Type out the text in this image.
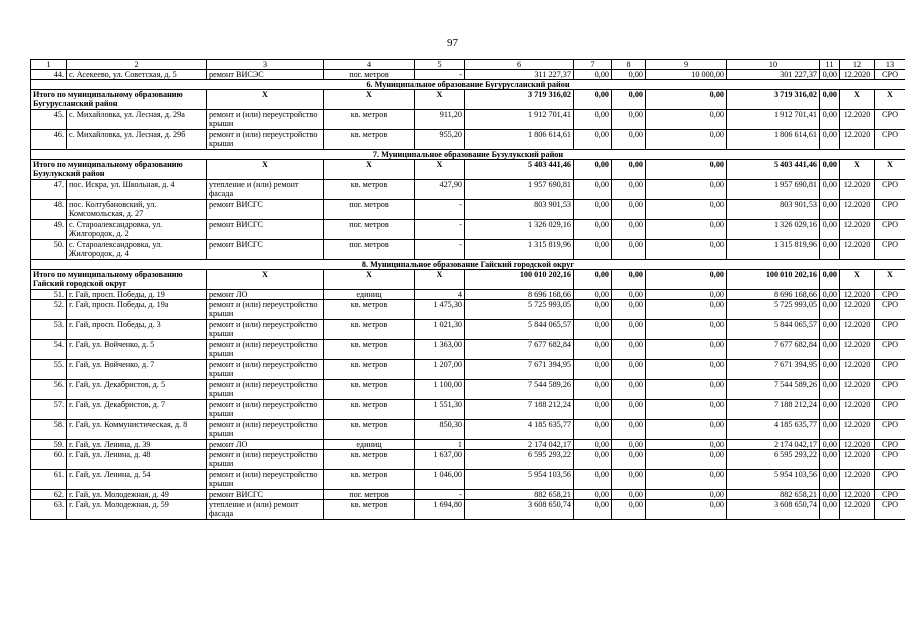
97
1	2	3	4	5	6	7	8	9	10	11	12	13
44.	с. Асекеево, ул. Советская, д. 5	ремонт ВИСЭС	пог. метров	-	311 227,37	0,00	0,00	10 000,00	301 227,37	0,00	12.2020	СРО
6. Муниципальное образование Бугурусланский район												
Итого по муниципальному образованию Бугурусланский район		X	X	X	3 719 316,02	0,00	0,00	0,00	3 719 316,02	0,00	X	X
45.	с. Михайловка, ул. Лесная, д. 29а	ремонт и (или) переустройство крыши	кв. метров	911,20	1 912 701,41	0,00	0,00	0,00	1 912 701,41	0,00	12.2020	СРО
46.	с. Михайловка, ул. Лесная, д. 29б	ремонт и (или) переустройство крыши	кв. метров	955,20	1 806 614,61	0,00	0,00	0,00	1 806 614,61	0,00	12.2020	СРО
7. Муниципальное образование Бузулукский район												
Итого по муниципальному образованию Бузулукский район		X	X	X	5 403 441,46	0,00	0,00	0,00	5 403 441,46	0,00	X	X
47.	пос. Искра, ул. Школьная, д. 4	утепление и (или) ремонт фасада	кв. метров	427,90	1 957 690,81	0,00	0,00	0,00	1 957 690,81	0,00	12.2020	СРО
48.	пос. Колтубановский, ул. Комсомольская, д. 27	ремонт ВИСГС	пог. метров	-	803 901,53	0,00	0,00	0,00	803 901,53	0,00	12.2020	СРО
49.	с. Староалександровка, ул. Жилгородок, д. 2	ремонт ВИСГС	пог. метров	-	1 326 029,16	0,00	0,00	0,00	1 326 029,16	0,00	12.2020	СРО
50.	с. Староалександровка, ул. Жилгородок, д. 4	ремонт ВИСГС	пог. метров	-	1 315 819,96	0,00	0,00	0,00	1 315 819,96	0,00	12.2020	СРО
8. Муниципальное образование Гайский городской округ												
Итого по муниципальному образованию Гайский городской округ		X	X	X	100 010 202,16	0,00	0,00	0,00	100 010 202,16	0,00	X	X
51.	г. Гай, просп. Победы, д. 19	ремонт ЛО	единиц	4	8 696 168,66	0,00	0,00	0,00	8 696 168,66	0,00	12.2020	СРО
52.	г. Гай, просп. Победы, д. 19а	ремонт и (или) переустройство крыши	кв. метров	1 475,30	5 725 993,05	0,00	0,00	0,00	5 725 993,05	0,00	12.2020	СРО
53.	г. Гай, просп. Победы, д. 3	ремонт и (или) переустройство крыши	кв. метров	1 021,30	5 844 065,57	0,00	0,00	0,00	5 844 065,57	0,00	12.2020	СРО
54.	г. Гай, ул. Войченко, д. 5	ремонт и (или) переустройство крыши	кв. метров	1 363,00	7 677 682,84	0,00	0,00	0,00	7 677 682,84	0,00	12.2020	СРО
55.	г. Гай, ул. Войченко, д. 7	ремонт и (или) переустройство крыши	кв. метров	1 207,00	7 671 394,95	0,00	0,00	0,00	7 671 394,95	0,00	12.2020	СРО
56.	г. Гай, ул. Декабристов, д. 5	ремонт и (или) переустройство крыши	кв. метров	1 100,00	7 544 589,26	0,00	0,00	0,00	7 544 589,26	0,00	12.2020	СРО
57.	г. Гай, ул. Декабристов, д. 7	ремонт и (или) переустройство крыши	кв. метров	1 551,30	7 188 212,24	0,00	0,00	0,00	7 188 212,24	0,00	12.2020	СРО
58.	г. Гай, ул. Коммунистическая, д. 8	ремонт и (или) переустройство крыши	кв. метров	850,30	4 185 635,77	0,00	0,00	0,00	4 185 635,77	0,00	12.2020	СРО
59.	г. Гай, ул. Ленина, д. 39	ремонт ЛО	единиц	1	2 174 042,17	0,00	0,00	0,00	2 174 042,17	0,00	12.2020	СРО
60.	г. Гай, ул. Ленина, д. 48	ремонт и (или) переустройство крыши	кв. метров	1 637,00	6 595 293,22	0,00	0,00	0,00	6 595 293,22	0,00	12.2020	СРО
61.	г. Гай, ул. Ленина, д. 54	ремонт и (или) переустройство крыши	кв. метров	1 046,00	5 954 103,56	0,00	0,00	0,00	5 954 103,56	0,00	12.2020	СРО
62.	г. Гай, ул. Молодежная, д. 49	ремонт ВИСГС	пог. метров	-	882 658,21	0,00	0,00	0,00	882 658,21	0,00	12.2020	СРО
63.	г. Гай, ул. Молодежная, д. 59	утепление и (или) ремонт фасада	кв. метров	1 694,80	3 608 650,74	0,00	0,00	0,00	3 608 650,74	0,00	12.2020	СРО
